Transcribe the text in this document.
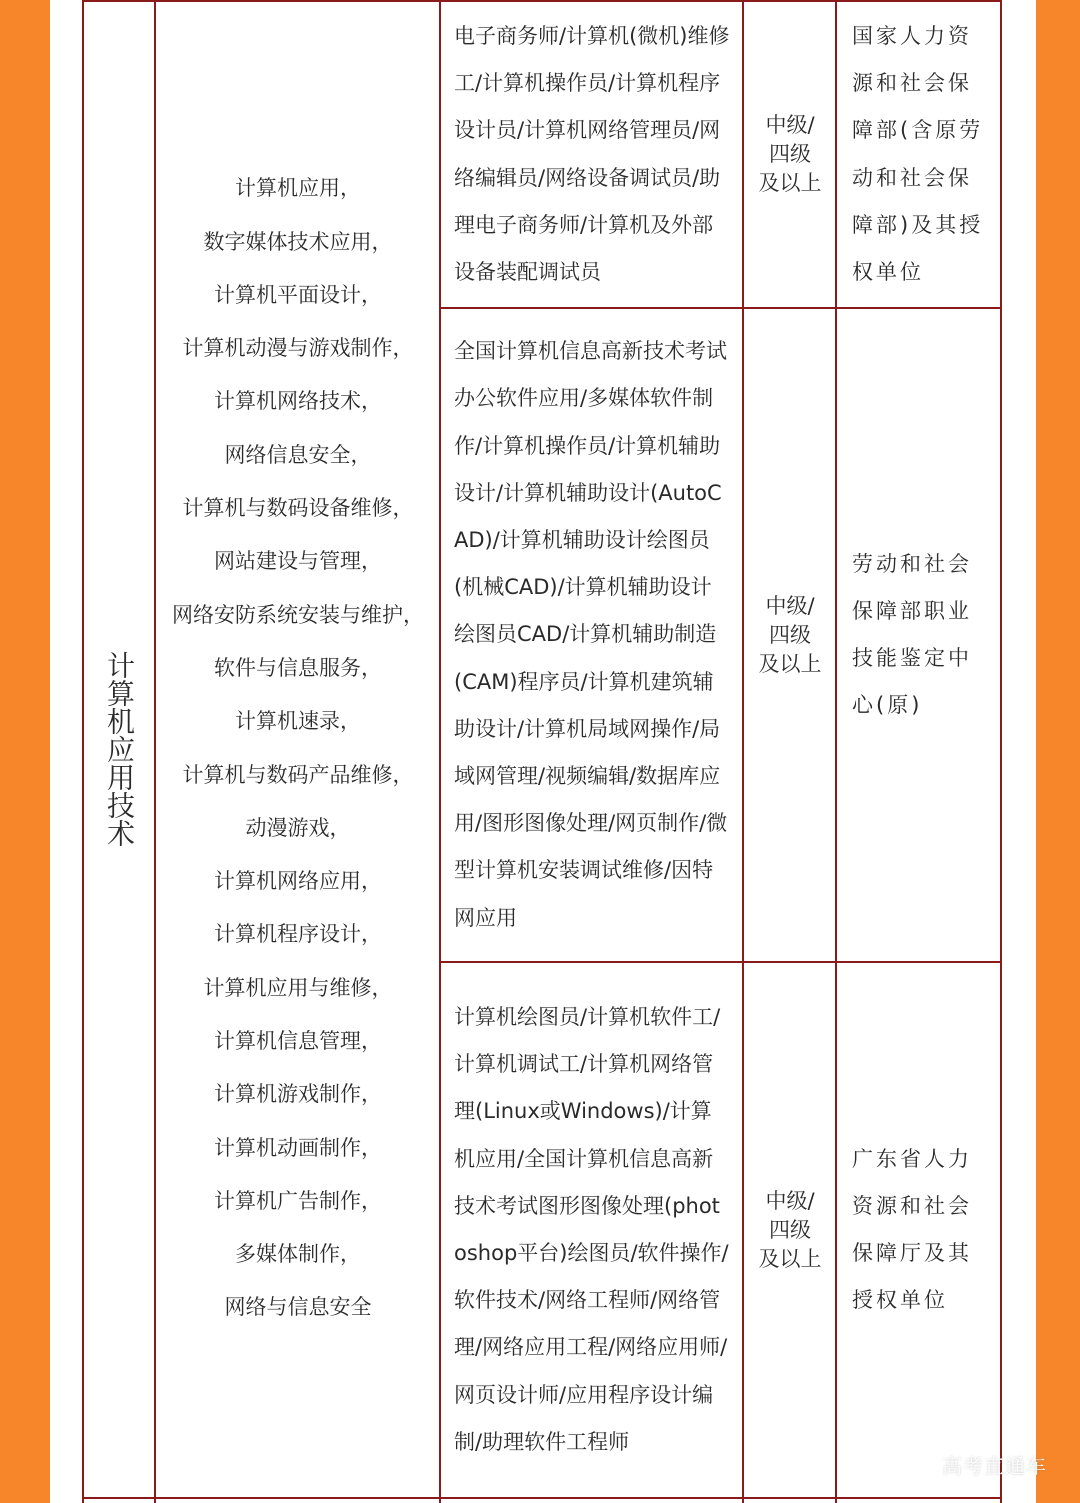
计算机应用技术
计算机应用，
数字媒体技术应用，
计算机平面设计，
计算机动漫与游戏制作，
计算机网络技术，
网络信息安全，
计算机与数码设备维修，
网站建设与管理，
网络安防系统安装与维护，
软件与信息服务，
计算机速录，
计算机与数码产品维修，
动漫游戏，
计算机网络应用，
计算机程序设计，
计算机应用与维修，
计算机信息管理，
计算机游戏制作，
计算机动画制作，
计算机广告制作，
多媒体制作，
网络与信息安全

电子商务师/计算机(微机)维修工/计算机操作员/计算机程序设计员/计算机网络管理员/网络编辑员/网络设备调试员/助理电子商务师/计算机及外部设备装配调试员

中级/
四级
及以上

国家人力资源和社会保障部(含原劳动和社会保障部)及其授权单位

全国计算机信息高新技术考试 办公软件应用/多媒体软件制作/计算机操作员/计算机辅助设计/计算机辅助设计(AutoCAD)/计算机辅助设计绘图员(机械CAD)/计算机辅助设计绘图员CAD/计算机辅助制造(CAM)程序员/计算机建筑辅助设计/计算机局域网操作/局域网管理/视频编辑/数据库应用/图形图像处理/网页制作/微型计算机安装调试维修/因特网应用

中级/
四级
及以上

劳动和社会保障部职业技能鉴定中心(原)

计算机绘图员/计算机软件工/计算机调试工/计算机网络管理(Linux或Windows)/计算机应用/全国计算机信息高新技术考试图形图像处理(photoshop平台)绘图员/软件操作/软件技术/网络工程师/网络管理/网络应用工程/网络应用师/网页设计师/应用程序设计编制/助理软件工程师

中级/
四级
及以上

广东省人力资源和社会保障厅及其授权单位

高考直通车
